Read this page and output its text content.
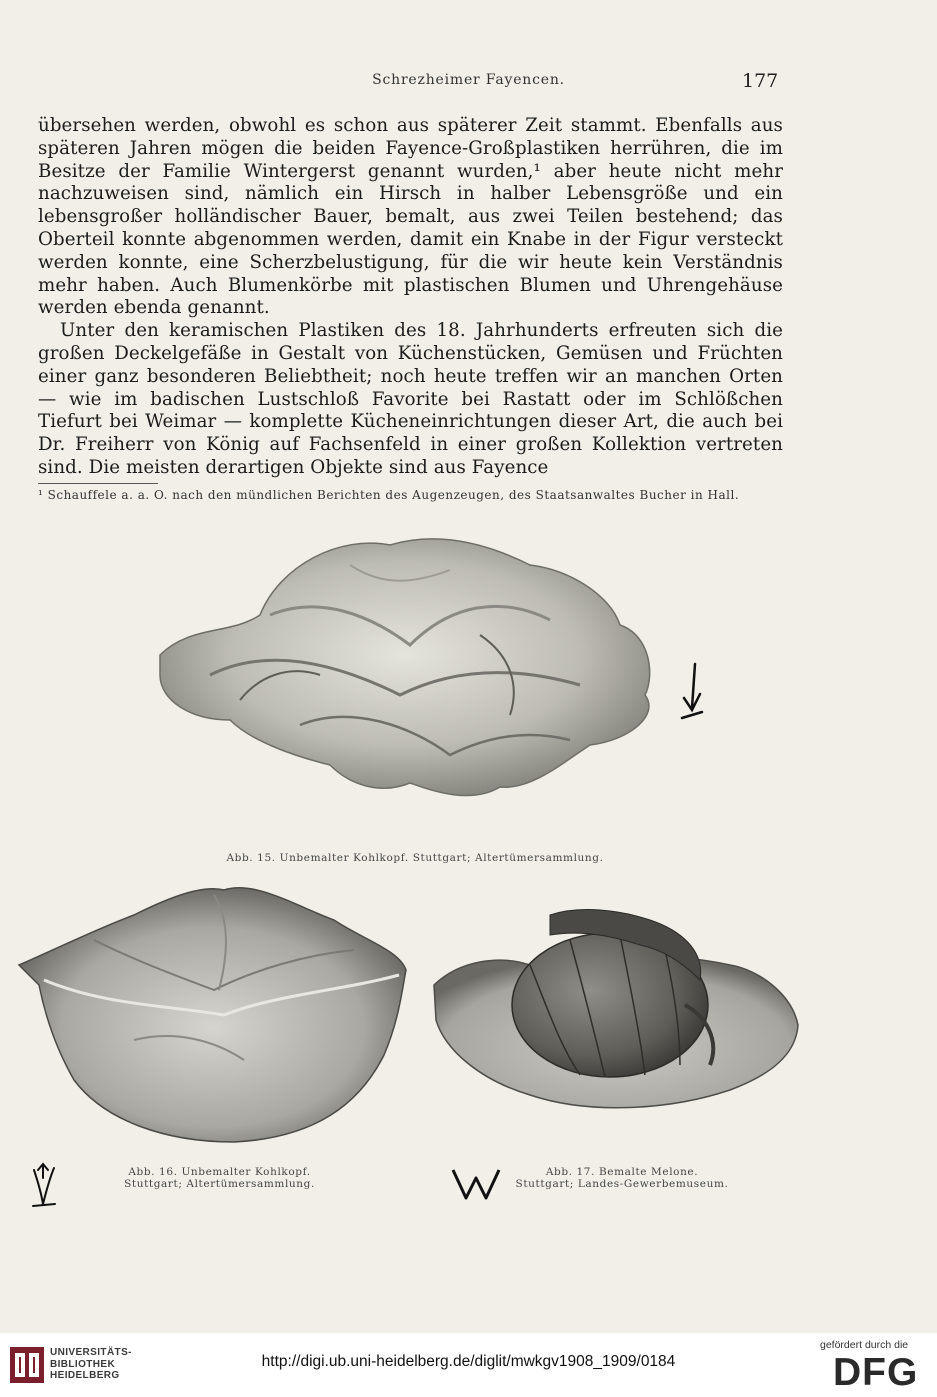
Schrezheimer Fayencen.	177

übersehen werden, obwohl es schon aus späterer Zeit stammt. Ebenfalls aus späteren Jahren mögen die beiden Fayence-Großplastiken herrühren, die im Besitze der Familie Wintergerst genannt wurden,¹ aber heute nicht mehr nachzuweisen sind, nämlich ein Hirsch in halber Lebensgröße und ein lebensgroßer holländischer Bauer, bemalt, aus zwei Teilen bestehend; das Oberteil konnte abgenommen werden, damit ein Knabe in der Figur versteckt werden konnte, eine Scherzbelustigung, für die wir heute kein Verständnis mehr haben. Auch Blumenkörbe mit plastischen Blumen und Uhrengehäuse werden ebenda genannt.

Unter den keramischen Plastiken des 18. Jahrhunderts erfreuten sich die großen Deckelgefäße in Gestalt von Küchenstücken, Gemüsen und Früchten einer ganz besonderen Beliebtheit; noch heute treffen wir an manchen Orten — wie im badischen Lustschloß Favorite bei Rastatt oder im Schlößchen Tiefurt bei Weimar — komplette Kücheneinrichtungen dieser Art, die auch bei Dr. Freiherr von König auf Fachsenfeld in einer großen Kollektion vertreten sind. Die meisten derartigen Objekte sind aus Fayence

¹ Schauffele a. a. O. nach den mündlichen Berichten des Augenzeugen, des Staatsanwaltes Bucher in Hall.
Abb. 15. Unbemalter Kohlkopf. Stuttgart; Altertümersammlung.
Abb. 16. Unbemalter Kohlkopf.
Stuttgart; Altertümersammlung.
Abb. 17. Bemalte Melone.
Stuttgart; Landes-Gewerbemuseum.
UNIVERSITÄTS-
BIBLIOTHEK
HEIDELBERG
http://digi.ub.uni-heidelberg.de/diglit/mwkgv1908_1909/0184
gefördert durch die
DFG
